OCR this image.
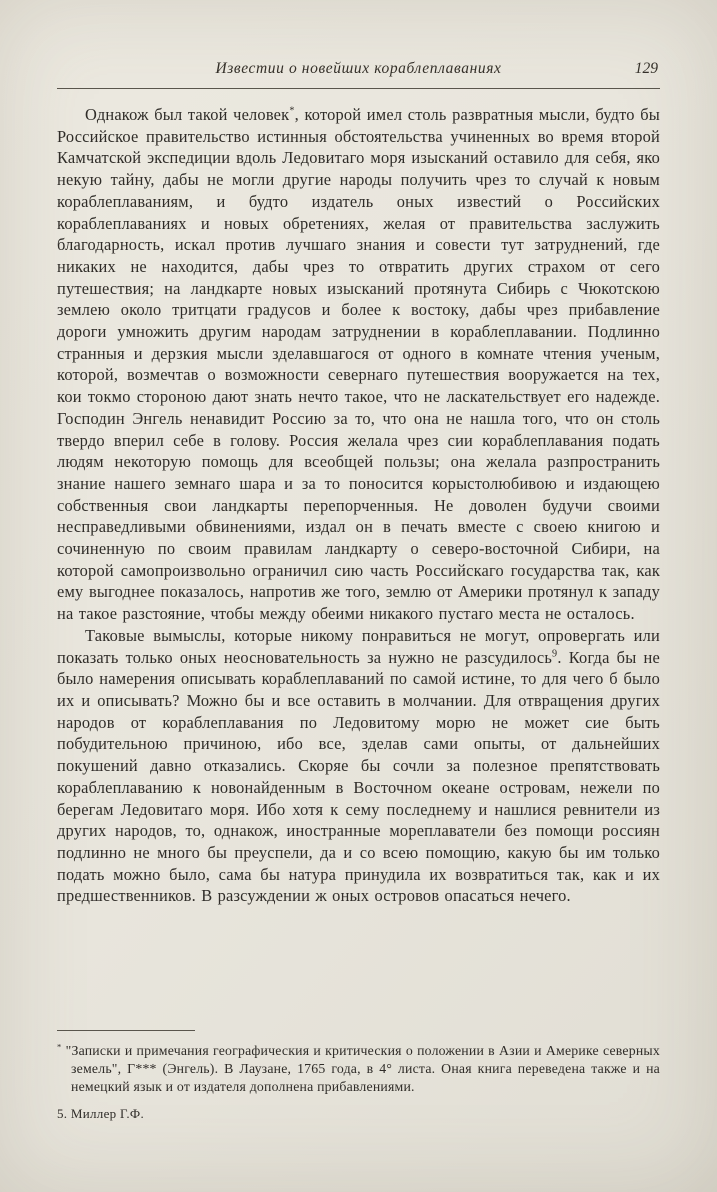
Известии о новейших кораблеплаваниях	129

Однакож был такой человек*, которой имел столь развратныя мысли, будто бы Российское правительство истинныя обстоятельства учиненных во время второй Камчатской экспедиции вдоль Ледовитаго моря изысканий оставило для себя, яко некую тайну, дабы не могли другие народы получить чрез то случай к новым кораблеплаваниям, и будто издатель оных известий о Российских кораблеплаваниях и новых обретениях, желая от правительства заслужить благодарность, искал против лучшаго знания и совести тут затруднений, где никаких не находится, дабы чрез то отвратить других страхом от сего путешествия; на ландкарте новых изысканий протянута Сибирь с Чюкотскою землею около тритцати градусов и более к востоку, дабы чрез прибавление дороги умножить другим народам затруднении в кораблеплавании. Подлинно странныя и дерзкия мысли зделавшагося от одного в комнате чтения ученым, которой, возмечтав о возможности севернаго путешествия вооружается на тех, кои токмо стороною дают знать нечто такое, что не ласкательствует его надежде. Господин Энгель ненавидит Россию за то, что она не нашла того, что он столь твердо вперил себе в голову. Россия желала чрез сии кораблеплавания подать людям некоторую помощь для всеобщей пользы; она желала разпространить знание нашего земнаго шара и за то поносится корыстолюбивою и издающею собственныя свои ландкарты перепорченныя. Не доволен будучи своими несправедливыми обвинениями, издал он в печать вместе с своею книгою и сочиненную по своим правилам ландкарту о северо-восточной Сибири, на которой самопроизвольно ограничил сию часть Российскаго государства так, как ему выгоднее показалось, напротив же того, землю от Америки протянул к западу на такое разстояние, чтобы между обеими никакого пустаго места не осталось.

Таковые вымыслы, которые никому понравиться не могут, опровергать или показать только оных неосновательность за нужно не разсудилось$^9$. Когда бы не было намерения описывать кораблеплаваний по самой истине, то для чего б было их и описывать? Можно бы и все оставить в молчании. Для отвращения других народов от кораблеплавания по Ледовитому морю не может сие быть побудительною причиною, ибо все, зделав сами опыты, от дальнейших покушений давно отказались. Скоряе бы сочли за полезное препятствовать кораблеплаванию к новонайденным в Восточном океане островам, нежели по берегам Ледовитаго моря. Ибо хотя к сему последнему и нашлися ревнители из других народов, то, однакож, иностранные мореплаватели без помощи россиян подлинно не много бы преуспели, да и со всею помощию, какую бы им только подать можно было, сама бы натура принудила их возвратиться так, как и их предшественников. В разсуждении ж оных островов опасаться нечего.

* "Записки и примечания географическия и критическия о положении в Азии и Америке северных земель", Г*** (Энгель). В Лаузане, 1765 года, в 4° листа. Оная книга переведена также и на немецкий язык и от издателя дополнена прибавлениями.

5. Миллер Г.Ф.
